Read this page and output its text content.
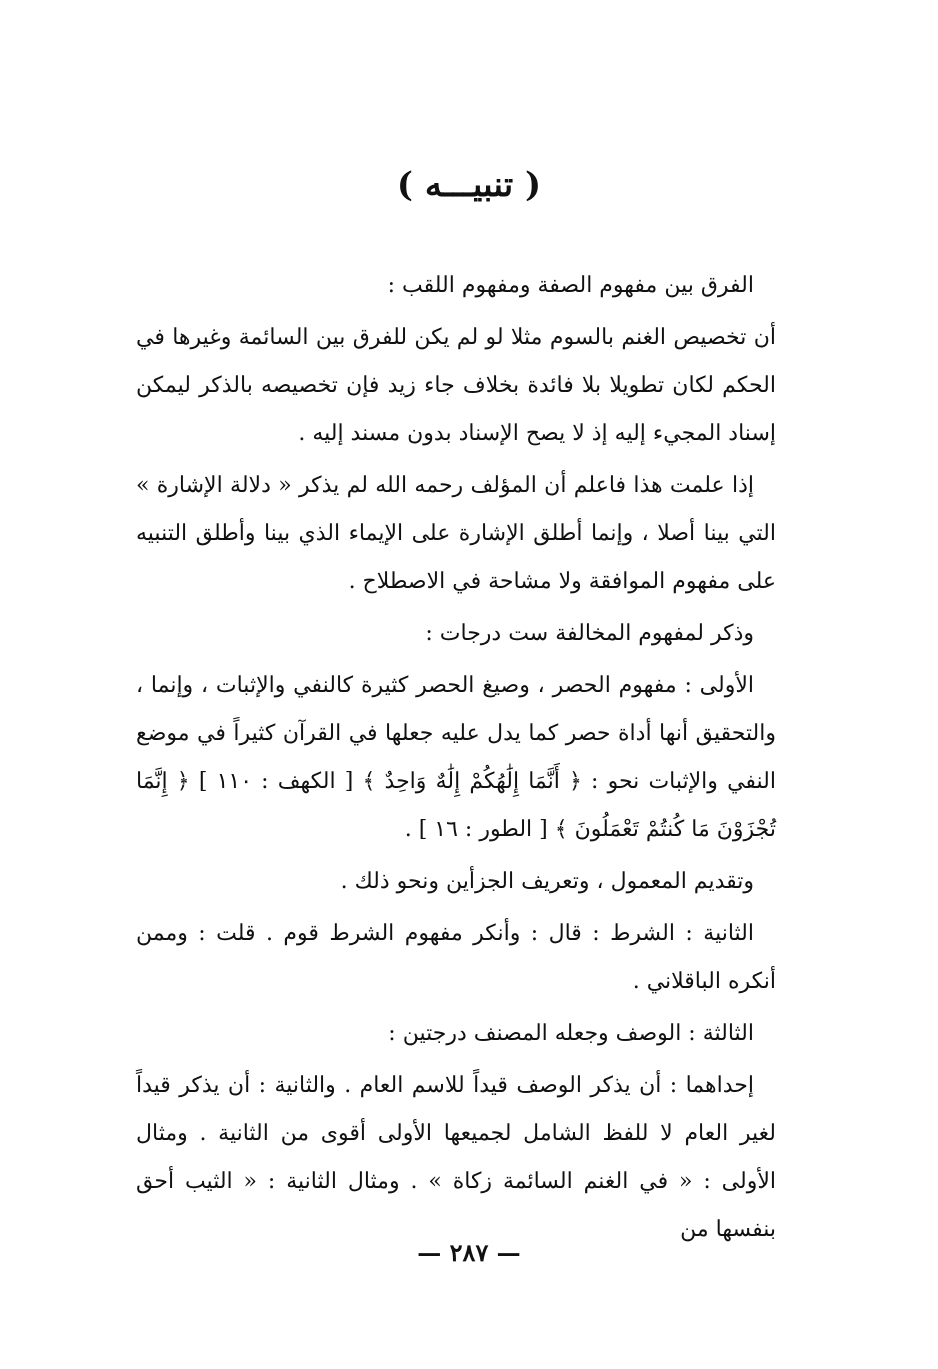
( تنبيـــه )

الفرق بين مفهوم الصفة ومفهوم اللقب :

أن تخصيص الغنم بالسوم مثلا لو لم يكن للفرق بين السائمة وغيرها في الحكم لكان تطويلا بلا فائدة بخلاف جاء زيد فإن تخصيصه بالذكر ليمكن إسناد المجيء إليه إذ لا يصح الإسناد بدون مسند إليه .

إذا علمت هذا فاعلم أن المؤلف رحمه الله لم يذكر « دلالة الإشارة » التي بينا أصلا ، وإنما أطلق الإشارة على الإيماء الذي بينا وأطلق التنبيه على مفهوم الموافقة ولا مشاحة في الاصطلاح .

وذكر لمفهوم المخالفة ست درجات :

الأولى : مفهوم الحصر ، وصيغ الحصر كثيرة كالنفي والإثبات ، وإنما ، والتحقيق أنها أداة حصر كما يدل عليه جعلها في القرآن كثيراً في موضع النفي والإثبات نحو : ﴿ أَنَّمَا إِلَٰهُكُمْ إِلَٰهٌ وَاحِدٌ ﴾ [ الكهف : ١١٠ ] ﴿ إِنَّمَا تُجْزَوْنَ مَا كُنتُمْ تَعْمَلُونَ ﴾ [ الطور : ١٦ ] .

وتقديم المعمول ، وتعريف الجزأين ونحو ذلك .

الثانية : الشرط : قال : وأنكر مفهوم الشرط قوم . قلت : وممن أنكره الباقلاني .

الثالثة : الوصف وجعله المصنف درجتين :

إحداهما : أن يذكر الوصف قيداً للاسم العام . والثانية : أن يذكر قيداً لغير العام لا للفظ الشامل لجميعها الأولى أقوى من الثانية . ومثال الأولى : « في الغنم السائمة زكاة » . ومثال الثانية : « الثيب أحق بنفسها من

— ٢٨٧ —
